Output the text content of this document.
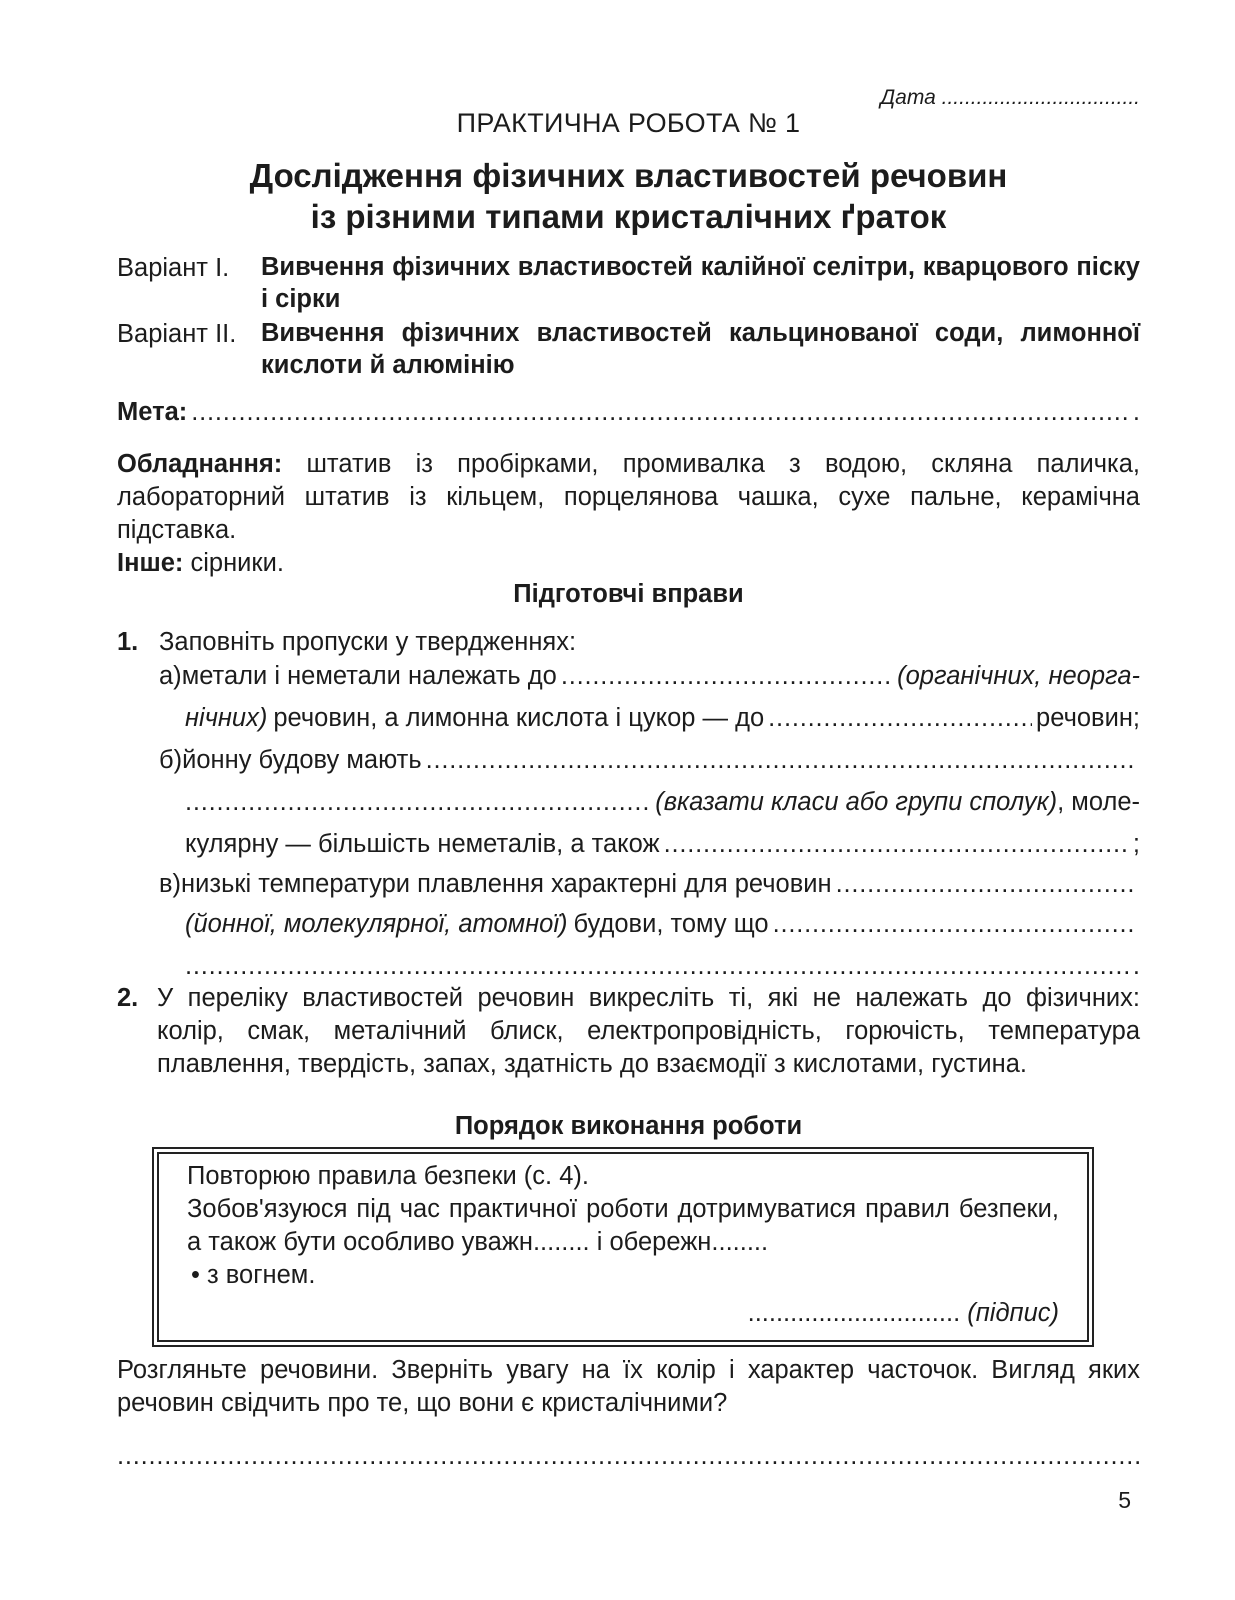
Дата ..................................
ПРАКТИЧНА РОБОТА № 1
Дослідження фізичних властивостей речовин
із різними типами кристалічних ґраток
Варіант І. Вивчення фізичних властивостей калійної селітри, кварцового піску і сірки
Варіант ІІ. Вивчення фізичних властивостей кальцинованої соди, лимонної кислоти й алюмінію
Мета: .....	.
Обладнання: штатив із пробірками, промивалка з водою, скляна паличка, лабораторний штатив із кільцем, порцелянова чашка, сухе пальне, керамічна підставка.
Інше: сірники.
Підготовчі вправи
1. Заповніть пропуски у твердженнях:
а) метали і неметали належать до .....	(органічних, неорга-
нічних) речовин, а лимонна кислота і цукор — до .....	речовин;
б) йонну будову мають
.....
.....
(вказати класи або групи сполук) , моле-
кулярну — більшість неметалів, а також .....	;
в) низькі температури плавлення характерні для речовин
.....
(йонної, молекулярної, атомної) будови, тому що
.....
.....
.
2. У переліку властивостей речовин викресліть ті, які не належать до фізичних: колір, смак, металічний блиск, електропровідність, горючість, температура плавлення, твердість, запах, здатність до взаємодії з кислотами, густина.
Порядок виконання роботи

Повторюю правила безпеки (с. 4).

Зобов'язуюся під час практичної роботи дотримуватися правил безпеки, а також бути особливо уважн........ і обережн........

• з вогнем.

.............................. (підпис)

Розгляньте речовини. Зверніть увагу на їх колір і характер часточок. Вигляд яких речовин свідчить про те, що вони є кристалічними?
.....
5
